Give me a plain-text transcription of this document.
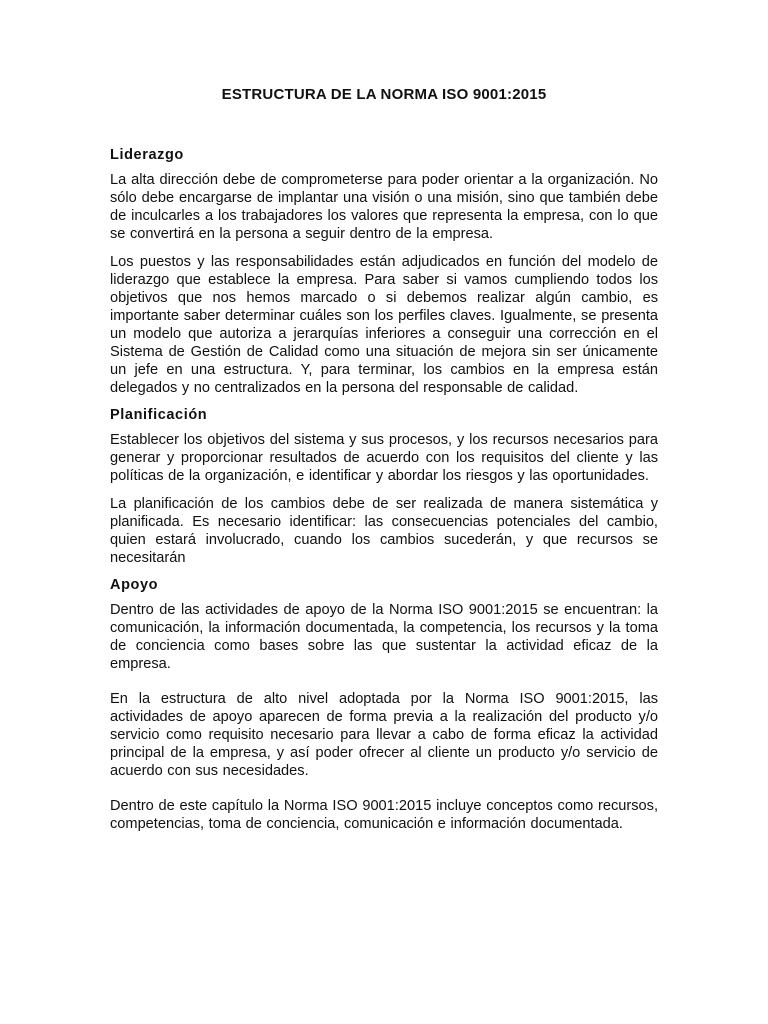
ESTRUCTURA DE LA NORMA ISO 9001:2015
Liderazgo

La alta dirección debe de comprometerse para poder orientar a la organización. No sólo debe encargarse de implantar una visión o una misión, sino que también debe de inculcarles a los trabajadores los valores que representa la empresa, con lo que se convertirá en la persona a seguir dentro de la empresa.

Los puestos y las responsabilidades están adjudicados en función del modelo de liderazgo que establece la empresa. Para saber si vamos cumpliendo todos los objetivos que nos hemos marcado o si debemos realizar algún cambio, es importante saber determinar cuáles son los perfiles claves. Igualmente, se presenta un modelo que autoriza a jerarquías inferiores a conseguir una corrección en el Sistema de Gestión de Calidad como una situación de mejora sin ser únicamente un jefe en una estructura. Y, para terminar, los cambios en la empresa están delegados y no centralizados en la persona del responsable de calidad.

Planificación

Establecer los objetivos del sistema y sus procesos, y los recursos necesarios para generar y proporcionar resultados de acuerdo con los requisitos del cliente y las políticas de la organización, e identificar y abordar los riesgos y las oportunidades.

La planificación de los cambios debe de ser realizada de manera sistemática y planificada. Es necesario identificar: las consecuencias potenciales del cambio, quien estará involucrado, cuando los cambios sucederán, y que recursos se necesitarán

Apoyo

Dentro de las actividades de apoyo de la Norma ISO 9001:2015 se encuentran: la comunicación, la información documentada, la competencia, los recursos y la toma de conciencia como bases sobre las que sustentar la actividad eficaz de la empresa.

En la estructura de alto nivel adoptada por la Norma ISO 9001:2015, las actividades de apoyo aparecen de forma previa a la realización del producto y/o servicio como requisito necesario para llevar a cabo de forma eficaz la actividad principal de la empresa, y así poder ofrecer al cliente un producto y/o servicio de acuerdo con sus necesidades.

Dentro de este capítulo la Norma ISO 9001:2015 incluye conceptos como recursos, competencias, toma de conciencia, comunicación e información documentada.
